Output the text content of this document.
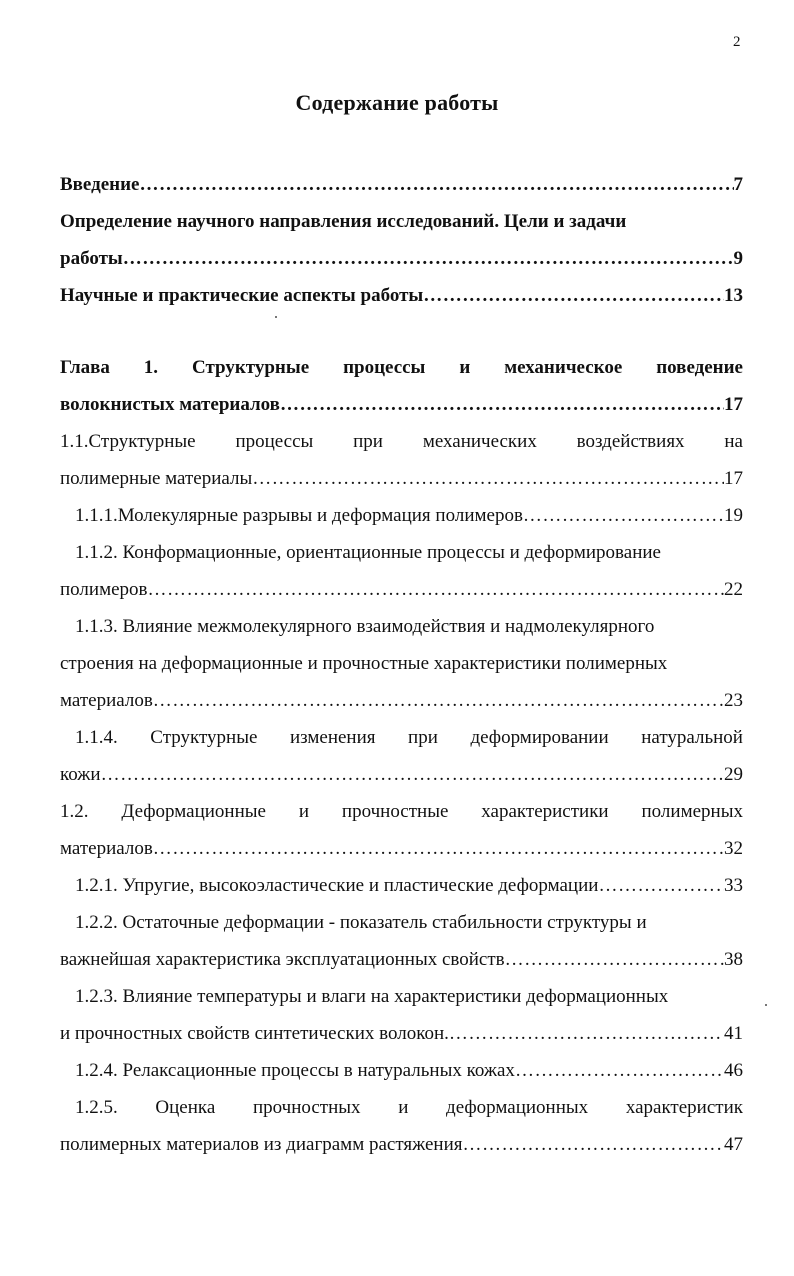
2
Содержание работы
Введение ……………………………………………………………………………………………………………………………………………………………	7
Определение научного направления исследований. Цели и задачи
работы ……………………………………………………………………………………………………………………………………………………………	9
Научные и практические аспекты работы ……………………………………………………………………………………………………………………………………………………………	13
Глава 1. Структурные процессы и механическое поведение
волокнистых материалов ……………………………………………………………………………………………………………………………………………………………	17
1.1.Структурные процессы при механических воздействиях на
полимерные материалы ……………………………………………………………………………………………………………………………………………………………	17
1.1.1.Молекулярные разрывы и деформация полимеров ……………………………………………………………………………………………………………………………………………………………	19
1.1.2. Конформационные, ориентационные процессы и деформирование
полимеров ……………………………………………………………………………………………………………………………………………………………	22
1.1.3. Влияние межмолекулярного взаимодействия и надмолекулярного
строения на деформационные и прочностные характеристики полимерных
материалов ……………………………………………………………………………………………………………………………………………………………	23
1.1.4. Структурные изменения при деформировании натуральной
кожи ……………………………………………………………………………………………………………………………………………………………	29
1.2. Деформационные и прочностные характеристики полимерных
материалов ……………………………………………………………………………………………………………………………………………………………	32
1.2.1. Упругие, высокоэластические и пластические деформации ……………………………………………………………………………………………………………………………………………………………	33
1.2.2. Остаточные деформации - показатель стабильности структуры и
важнейшая характеристика эксплуатационных свойств ……………………………………………………………………………………………………………………………………………………………	38
1.2.3. Влияние температуры и влаги на характеристики деформационных
и прочностных свойств синтетических волокон. ……………………………………………………………………………………………………………………………………………………………	41
1.2.4. Релаксационные процессы в натуральных кожах ……………………………………………………………………………………………………………………………………………………………	46
1.2.5. Оценка прочностных и деформационных характеристик
полимерных материалов из диаграмм растяжения ……………………………………………………………………………………………………………………………………………………………	47
